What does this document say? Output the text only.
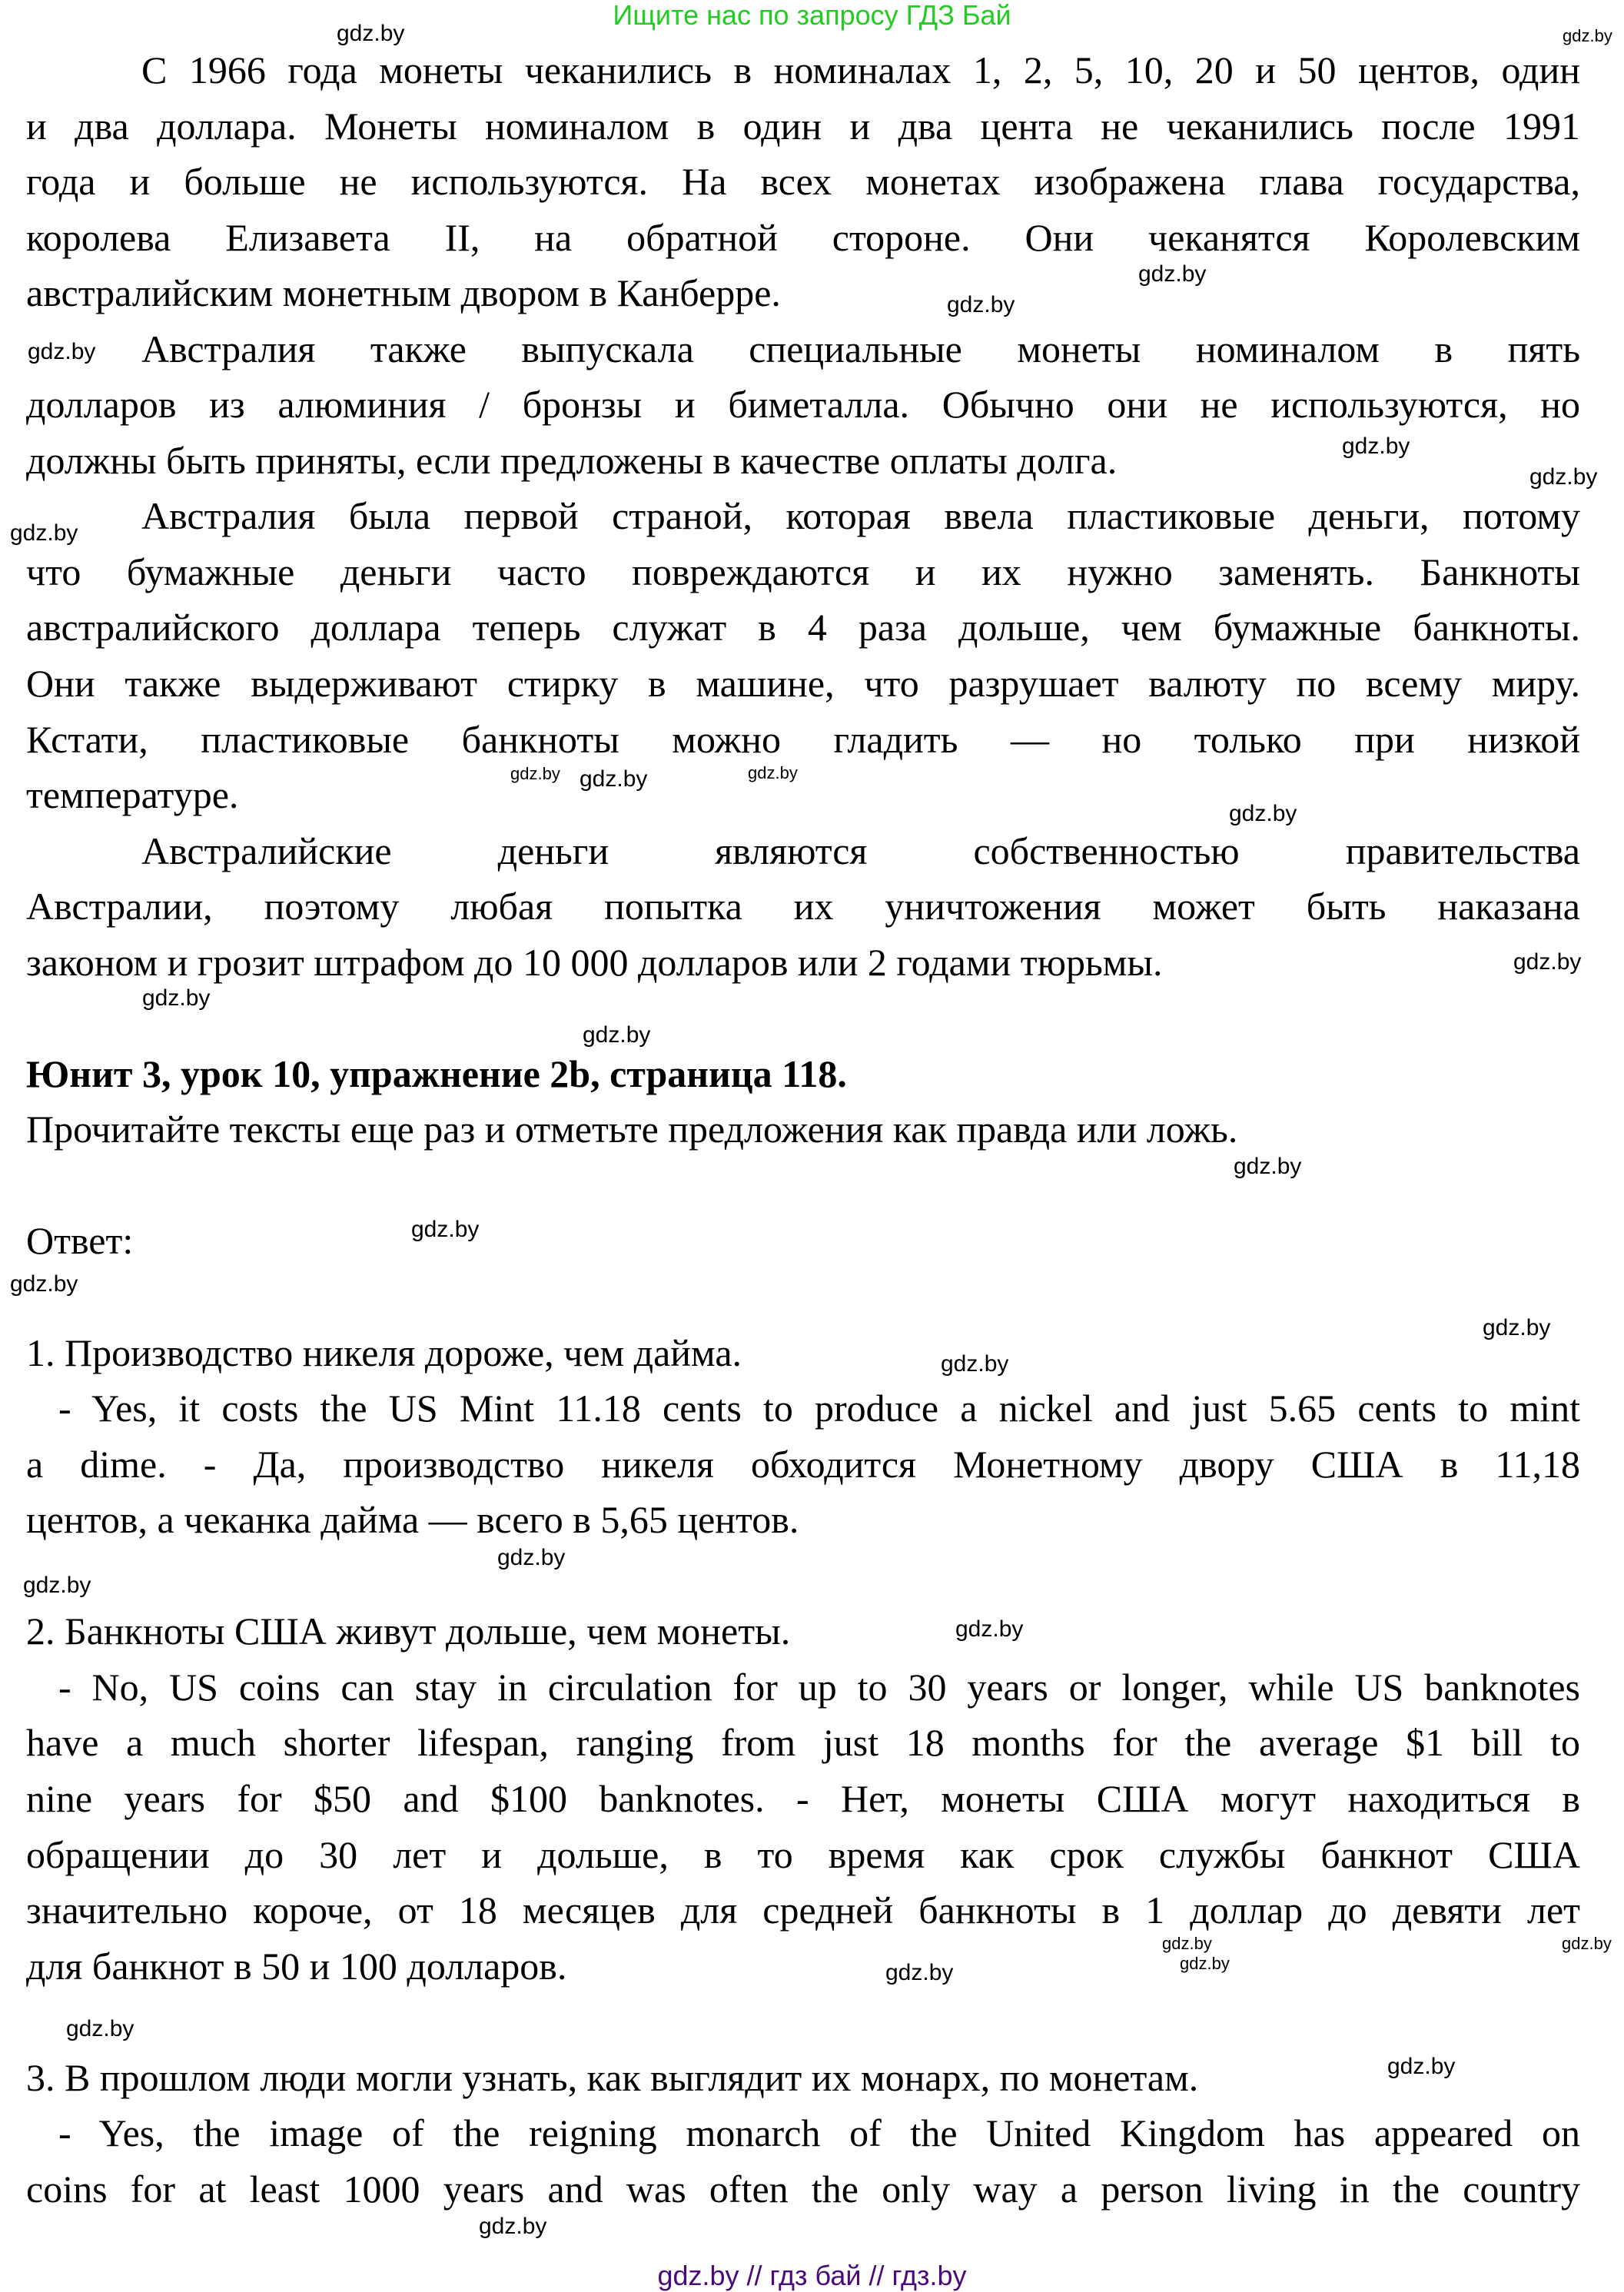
Ищите нас по запросу ГДЗ Бай
С 1966 года монеты чеканились в номиналах 1, 2, 5, 10, 20 и 50 центов, один
и два доллара. Монеты номиналом в один и два цента не чеканились после 1991
года и больше не используются. На всех монетах изображена глава государства,
королева Елизавета II, на обратной стороне. Они чеканятся Королевским
австралийским монетным двором в Канберре.
Австралия также выпускала специальные монеты номиналом в пять
долларов из алюминия / бронзы и биметалла. Обычно они не используются, но
должны быть приняты, если предложены в качестве оплаты долга.
Австралия была первой страной, которая ввела пластиковые деньги, потому
что бумажные деньги часто повреждаются и их нужно заменять. Банкноты
австралийского доллара теперь служат в 4 раза дольше, чем бумажные банкноты.
Они также выдерживают стирку в машине, что разрушает валюту по всему миру.
Кстати, пластиковые банкноты можно гладить — но только при низкой
температуре.
Австралийские деньги являются собственностью правительства
Австралии, поэтому любая попытка их уничтожения может быть наказана
законом и грозит штрафом до 10 000 долларов или 2 годами тюрьмы.
Юнит 3, урок 10, упражнение 2b, страница 118.
Прочитайте тексты еще раз и отметьте предложения как правда или ложь.
Ответ:
1. Производство никеля дороже, чем дайма.
- Yes, it costs the US Mint 11.18 cents to produce a nickel and just 5.65 cents to mint
a dime. - Да, производство никеля обходится Монетному двору США в 11,18
центов, а чеканка дайма — всего в 5,65 центов.
2. Банкноты США живут дольше, чем монеты.
- No, US coins can stay in circulation for up to 30 years or longer, while US banknotes
have a much shorter lifespan, ranging from just 18 months for the average $1 bill to
nine years for $50 and $100 banknotes. - Нет, монеты США могут находиться в
обращении до 30 лет и дольше, в то время как срок службы банкнот США
значительно короче, от 18 месяцев для средней банкноты в 1 доллар до девяти лет
для банкнот в 50 и 100 долларов.
3. В прошлом люди могли узнать, как выглядит их монарх, по монетам.
- Yes, the image of the reigning monarch of the United Kingdom has appeared on
coins for at least 1000 years and was often the only way a person living in the country
gdz.by	gdz.by
gdz.by
gdz.by
gdz.by
gdz.by
gdz.by
gdz.by
gdz.by	gdz.by
gdz.by
gdz.by
gdz.by
gdz.by
gdz.by
gdz.by
gdz.by
gdz.by
gdz.by
gdz.by
gdz.by
gdz.by
gdz.by
gdz.by	gdz.by
gdz.by
gdz.by
gdz.by
gdz.by
gdz.by
gdz.by // гдз бай // гдз.by
